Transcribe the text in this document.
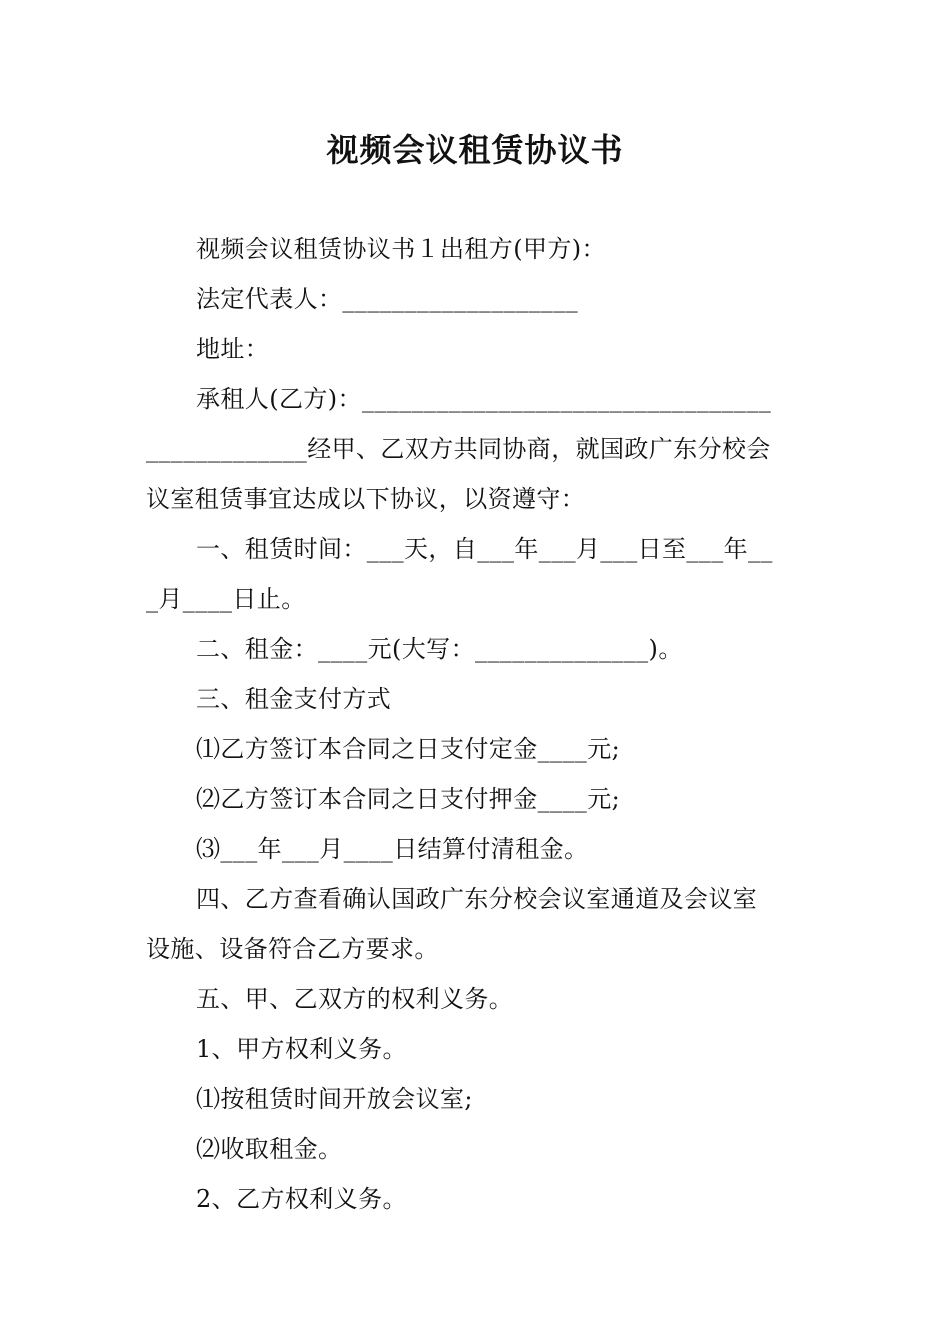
视频会议租赁协议书
视频会议租赁协议书１出租方(甲方)：
法定代表人：___________________
地址：
承租人(乙方)：_________________________________
_____________经甲、乙双方共同协商，就国政广东分校会
议室租赁事宜达成以下协议，以资遵守：
一、租赁时间：___天，自___年___月___日至___年__
_月____日止。
二、租金：____元(大写：______________)。
三、租金支付方式
⑴乙方签订本合同之日支付定金____元;
⑵乙方签订本合同之日支付押金____元;
⑶___年___月____日结算付清租金。
四、乙方查看确认国政广东分校会议室通道及会议室
设施、设备符合乙方要求。
五、甲、乙双方的权利义务。
1、甲方权利义务。
⑴按租赁时间开放会议室;
⑵收取租金。
2、乙方权利义务。
